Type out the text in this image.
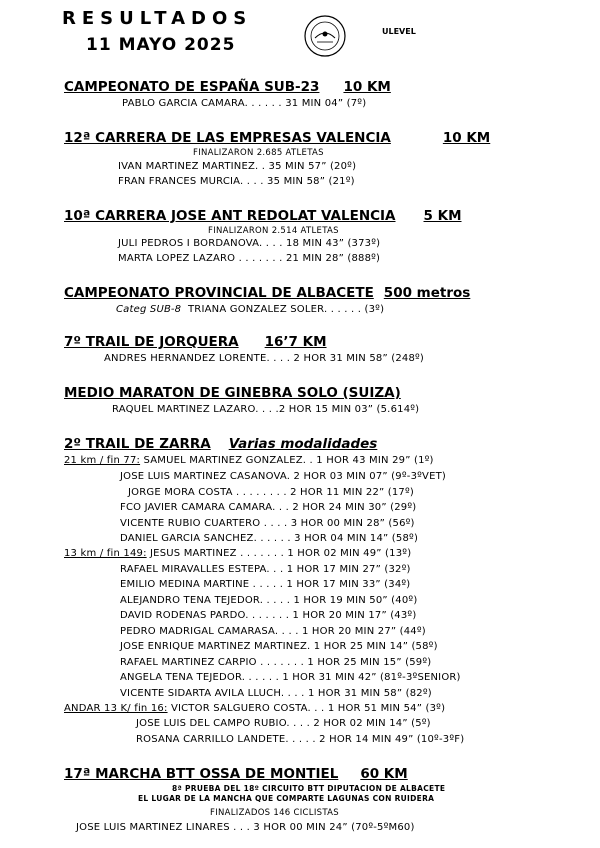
RESULTADOS
11 MAYO 2025
ULEVEL
CAMPEONATO DE ESPAÑA SUB-23 10 KM
PABLO GARCIA CAMARA. . . . . . 31 MIN 04” (7º)
12ª CARRERA DE LAS EMPRESAS VALENCIA	10 KM
FINALIZARON 2.685 ATLETAS
IVAN MARTINEZ MARTINEZ. . 35 MIN 57” (20º)
FRAN FRANCES MURCIA. . . . 35 MIN 58” (21º)
10ª CARRERA JOSE ANT REDOLAT VALENCIA 5 KM
FINALIZARON 2.514 ATLETAS
JULI PEDROS I BORDANOVA. . . . 18 MIN 43” (373º)
MARTA LOPEZ LAZARO . . . . . . . 21 MIN 28” (888º)
CAMPEONATO PROVINCIAL DE ALBACETE 500 metros
Categ SUB-8 TRIANA GONZALEZ SOLER. . . . . . (3º)
7º TRAIL DE JORQUERA 16’7 KM
ANDRES HERNANDEZ LORENTE. . . . 2 HOR 31 MIN 58” (248º)
MEDIO MARATON DE GINEBRA SOLO (SUIZA)
RAQUEL MARTINEZ LAZARO. . . .2 HOR 15 MIN 03” (5.614º)
2º TRAIL DE ZARRA Varias modalidades
21 km / fin 77: SAMUEL MARTINEZ GONZALEZ. . 1 HOR 43 MIN 29” (1º)
JOSE LUIS MARTINEZ CASANOVA. 2 HOR 03 MIN 07” (9º-3ºVET)
JORGE MORA COSTA . . . . . . . . 2 HOR 11 MIN 22” (17º)
FCO JAVIER CAMARA CAMARA. . . 2 HOR 24 MIN 30” (29º)
VICENTE RUBIO CUARTERO . . . . 3 HOR 00 MIN 28” (56º)
DANIEL GARCIA SANCHEZ. . . . . . 3 HOR 04 MIN 14” (58º)
13 km / fin 149: JESUS MARTINEZ . . . . . . . 1 HOR 02 MIN 49” (13º)
RAFAEL MIRAVALLES ESTEPA. . . 1 HOR 17 MIN 27” (32º)
EMILIO MEDINA MARTINE . . . . . 1 HOR 17 MIN 33” (34º)
ALEJANDRO TENA TEJEDOR. . . . . 1 HOR 19 MIN 50” (40º)
DAVID RODENAS PARDO. . . . . . . 1 HOR 20 MIN 17” (43º)
PEDRO MADRIGAL CAMARASA. . . . 1 HOR 20 MIN 27” (44º)
JOSE ENRIQUE MARTINEZ MARTINEZ. 1 HOR 25 MIN 14” (58º)
RAFAEL MARTINEZ CARPIO . . . . . . . 1 HOR 25 MIN 15” (59º)
ANGELA TENA TEJEDOR. . . . . . 1 HOR 31 MIN 42” (81º-3ºSENIOR)
VICENTE SIDARTA AVILA LLUCH. . . . 1 HOR 31 MIN 58” (82º)
ANDAR 13 K/ fin 16: VICTOR SALGUERO COSTA. . . 1 HOR 51 MIN 54” (3º)
JOSE LUIS DEL CAMPO RUBIO. . . . 2 HOR 02 MIN 14” (5º)
ROSANA CARRILLO LANDETE. . . . . 2 HOR 14 MIN 49” (10º-3ºF)
17ª MARCHA BTT OSSA DE MONTIEL 60 KM
8ª PRUEBA DEL 18º CIRCUITO BTT DIPUTACION DE ALBACETE
EL LUGAR DE LA MANCHA QUE COMPARTE LAGUNAS CON RUIDERA
FINALIZADOS 146 CICLISTAS
JOSE LUIS MARTINEZ LINARES . . . 3 HOR 00 MIN 24” (70º-5ºM60)
